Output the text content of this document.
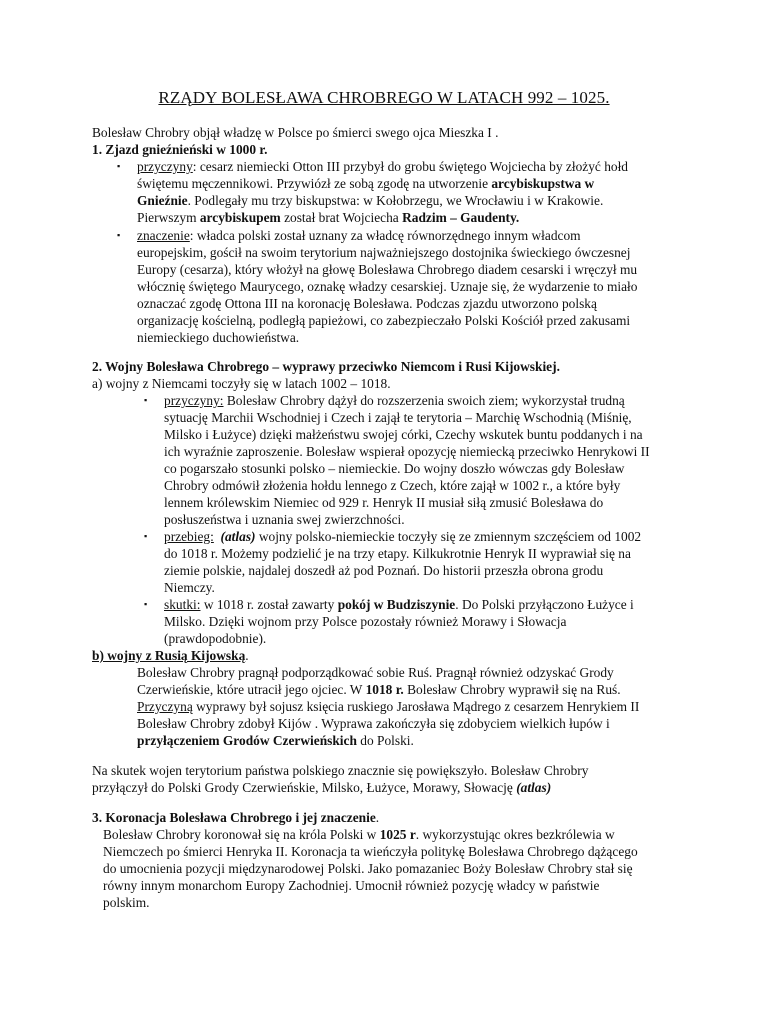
RZĄDY BOLESŁAWA CHROBREGO W LATACH 992 – 1025.
Bolesław Chrobry objął władzę w Polsce po śmierci swego ojca Mieszka I .
1. Zjazd gnieźnieński w 1000 r.
▪ przyczyny: cesarz niemiecki Otton III przybył do grobu świętego Wojciecha by złożyć hołd
świętemu męczennikowi. Przywiózł ze sobą zgodę na utworzenie arcybiskupstwa w
Gnieźnie. Podlegały mu trzy biskupstwa: w Kołobrzegu, we Wrocławiu i w Krakowie.
Pierwszym arcybiskupem został brat Wojciecha Radzim – Gaudenty.
▪ znaczenie: władca polski został uznany za władcę równorzędnego innym władcom
europejskim, gościł na swoim terytorium najważniejszego dostojnika świeckiego ówczesnej
Europy (cesarza), który włożył na głowę Bolesława Chrobrego diadem cesarski i wręczył mu
włócznię świętego Maurycego, oznakę władzy cesarskiej. Uznaje się, że wydarzenie to miało
oznaczać zgodę Ottona III na koronację Bolesława. Podczas zjazdu utworzono polską
organizację kościelną, podległą papieżowi, co zabezpieczało Polski Kościół przed zakusami
niemieckiego duchowieństwa.
2. Wojny Bolesława Chrobrego – wyprawy przeciwko Niemcom i Rusi Kijowskiej.
a) wojny z Niemcami toczyły się w latach 1002 – 1018.
▪ przyczyny: Bolesław Chrobry dążył do rozszerzenia swoich ziem; wykorzystał trudną
sytuację Marchii Wschodniej i Czech i zajął te terytoria – Marchię Wschodnią (Miśnię,
Milsko i Łużyce) dzięki małżeństwu swojej córki, Czechy wskutek buntu poddanych i na
ich wyraźnie zaproszenie. Bolesław wspierał opozycję niemiecką przeciwko Henrykowi II
co pogarszało stosunki polsko – niemieckie. Do wojny doszło wówczas gdy Bolesław
Chrobry odmówił złożenia hołdu lennego z Czech, które zajął w 1002 r., a które były
lennem królewskim Niemiec od 929 r. Henryk II musiał siłą zmusić Bolesława do
posłuszeństwa i uznania swej zwierzchności.
▪ przebieg: (atlas) wojny polsko-niemieckie toczyły się ze zmiennym szczęściem od 1002
do 1018 r. Możemy podzielić je na trzy etapy. Kilkukrotnie Henryk II wyprawiał się na
ziemie polskie, najdalej doszedł aż pod Poznań. Do historii przeszła obrona grodu
Niemczy.
▪ skutki: w 1018 r. został zawarty pokój w Budziszynie. Do Polski przyłączono Łużyce i
Milsko. Dzięki wojnom przy Polsce pozostały również Morawy i Słowacja
(prawdopodobnie).
b) wojny z Rusią Kijowską.
Bolesław Chrobry pragnął podporządkować sobie Ruś. Pragnął również odzyskać Grody
Czerwieńskie, które utracił jego ojciec. W 1018 r. Bolesław Chrobry wyprawił się na Ruś.
Przyczyną wyprawy był sojusz księcia ruskiego Jarosława Mądrego z cesarzem Henrykiem II
Bolesław Chrobry zdobył Kijów . Wyprawa zakończyła się zdobyciem wielkich łupów i
przyłączeniem Grodów Czerwieńskich do Polski.
Na skutek wojen terytorium państwa polskiego znacznie się powiększyło. Bolesław Chrobry
przyłączył do Polski Grody Czerwieńskie, Milsko, Łużyce, Morawy, Słowację (atlas)
3. Koronacja Bolesława Chrobrego i jej znaczenie.
Bolesław Chrobry koronował się na króla Polski w 1025 r. wykorzystując okres bezkrólewia w
Niemczech po śmierci Henryka II. Koronacja ta wieńczyła politykę Bolesława Chrobrego dążącego
do umocnienia pozycji międzynarodowej Polski. Jako pomazaniec Boży Bolesław Chrobry stał się
równy innym monarchom Europy Zachodniej. Umocnił również pozycję władcy w państwie
polskim.
